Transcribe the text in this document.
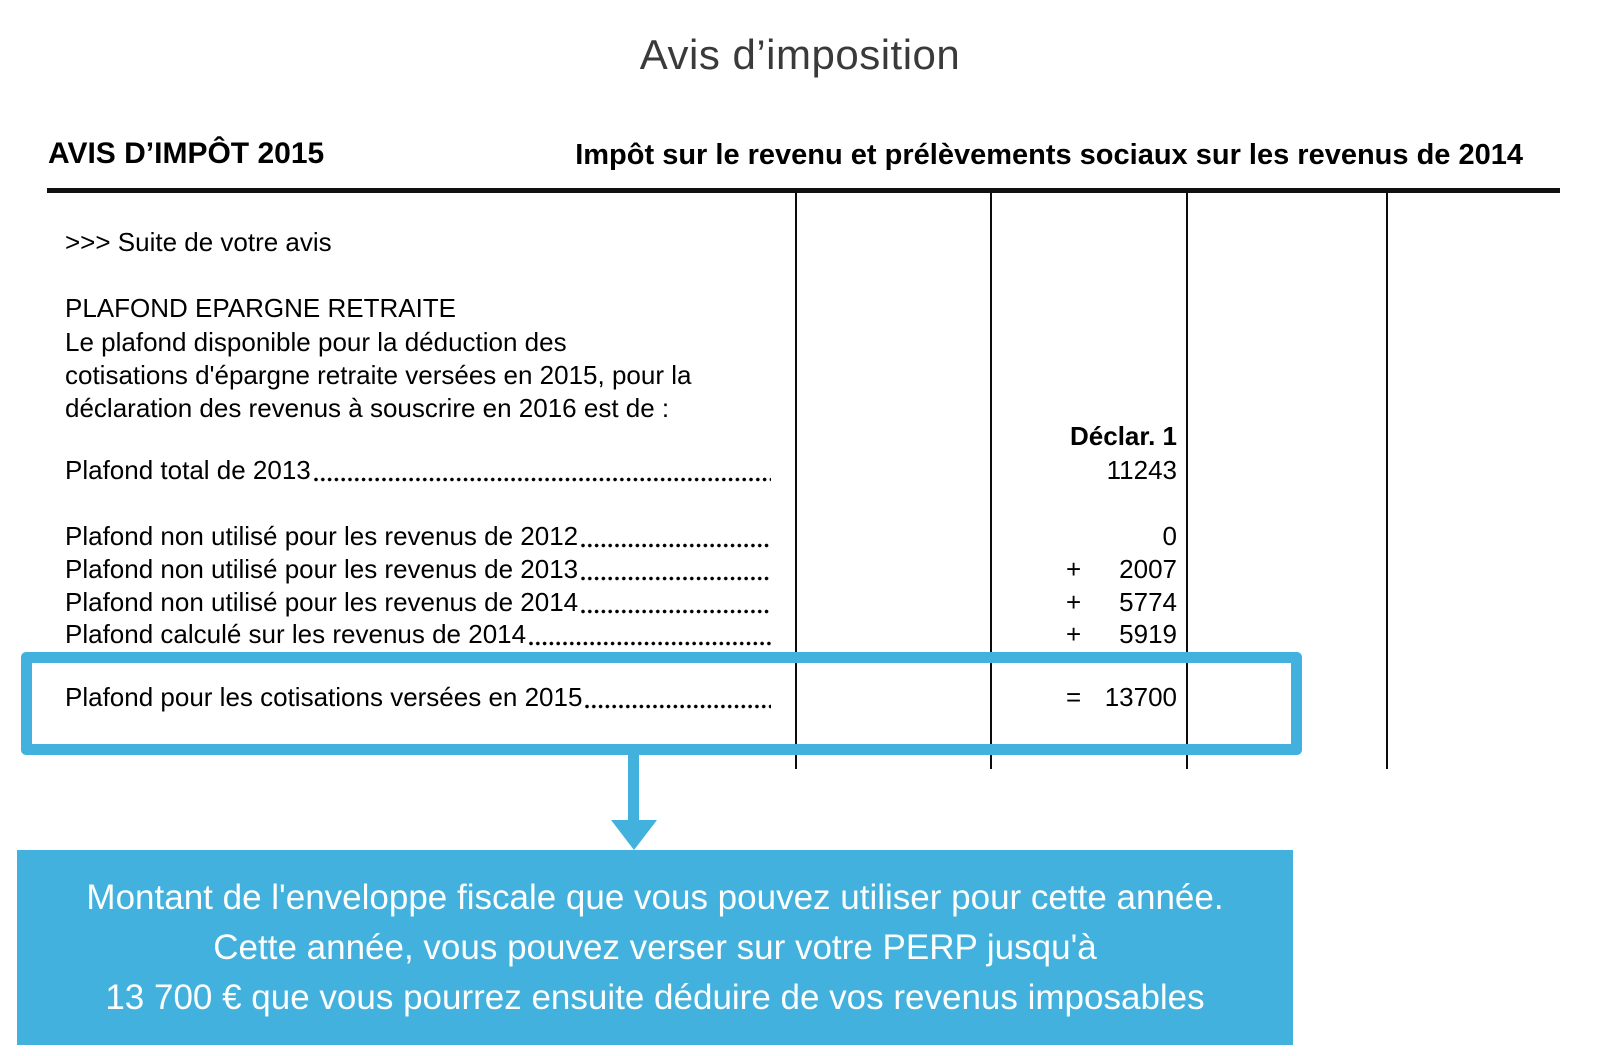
Avis d’imposition
AVIS D’IMPÔT 2015	Impôt sur le revenu et prélèvements sociaux sur les revenus de 2014
>>> Suite de votre avis
PLAFOND EPARGNE RETRAITE
Le plafond disponible pour la déduction des
cotisations d'épargne retraite versées en 2015, pour la
déclaration des revenus à souscrire en 2016 est de :
Déclar. 1
Plafond total de 2013
Plafond non utilisé pour les revenus de 2012
Plafond non utilisé pour les revenus de 2013
Plafond non utilisé pour les revenus de 2014
Plafond calculé sur les revenus de 2014
Plafond pour les cotisations versées en 2015
11243
0
+ 2007
+ 5774
+ 5919
= 13700
Montant de l'enveloppe fiscale que vous pouvez utiliser pour cette année.
Cette année, vous pouvez verser sur votre PERP jusqu'à
13 700 € que vous pourrez ensuite déduire de vos revenus imposables
